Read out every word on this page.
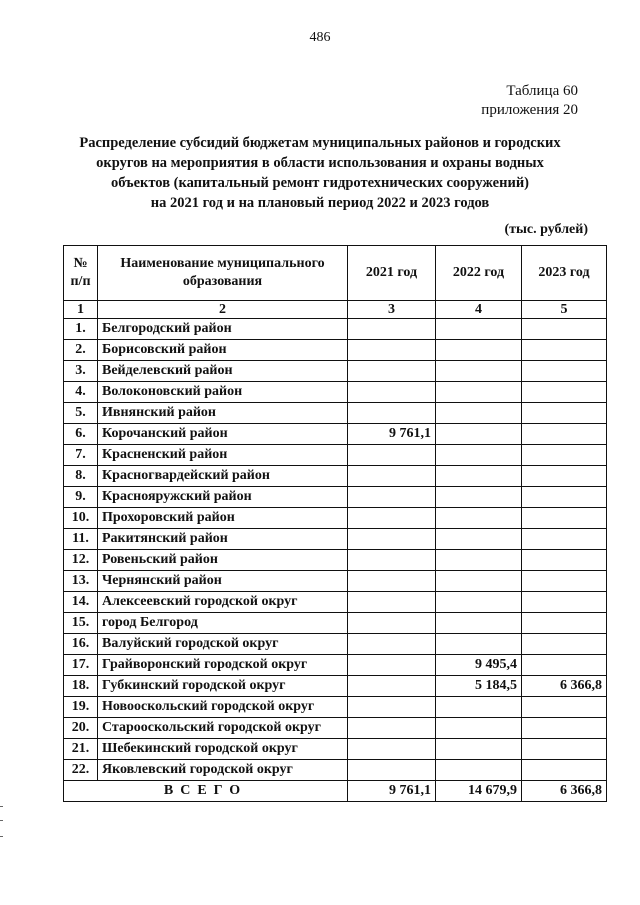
486
Таблица 60
приложения 20
Распределение субсидий бюджетам муниципальных районов и городских
округов на мероприятия в области использования и охраны водных
объектов (капитальный ремонт гидротехнических сооружений)
на 2021 год и на плановый период 2022 и 2023 годов
(тыс. рублей)
№ п/п	Наименование муниципального образования	2021 год	2022 год	2023 год
1	2	3	4	5
1.	Белгородский район			
2.	Борисовский район			
3.	Вейделевский район			
4.	Волоконовский район			
5.	Ивнянский район			
6.	Корочанский район	9 761,1		
7.	Красненский район			
8.	Красногвардейский район			
9.	Краснояружский район			
10.	Прохоровский район			
11.	Ракитянский район			
12.	Ровеньский район			
13.	Чернянский район			
14.	Алексеевский городской округ			
15.	город Белгород			
16.	Валуйский городской округ			
17.	Грайворонский городской округ		9 495,4	
18.	Губкинский городской округ		5 184,5	6 366,8
19.	Новооскольский городской округ			
20.	Старооскольский городской округ			
21.	Шебекинский городской округ			
22.	Яковлевский городской округ			
ВСЕГО		9 761,1	14 679,9	6 366,8
